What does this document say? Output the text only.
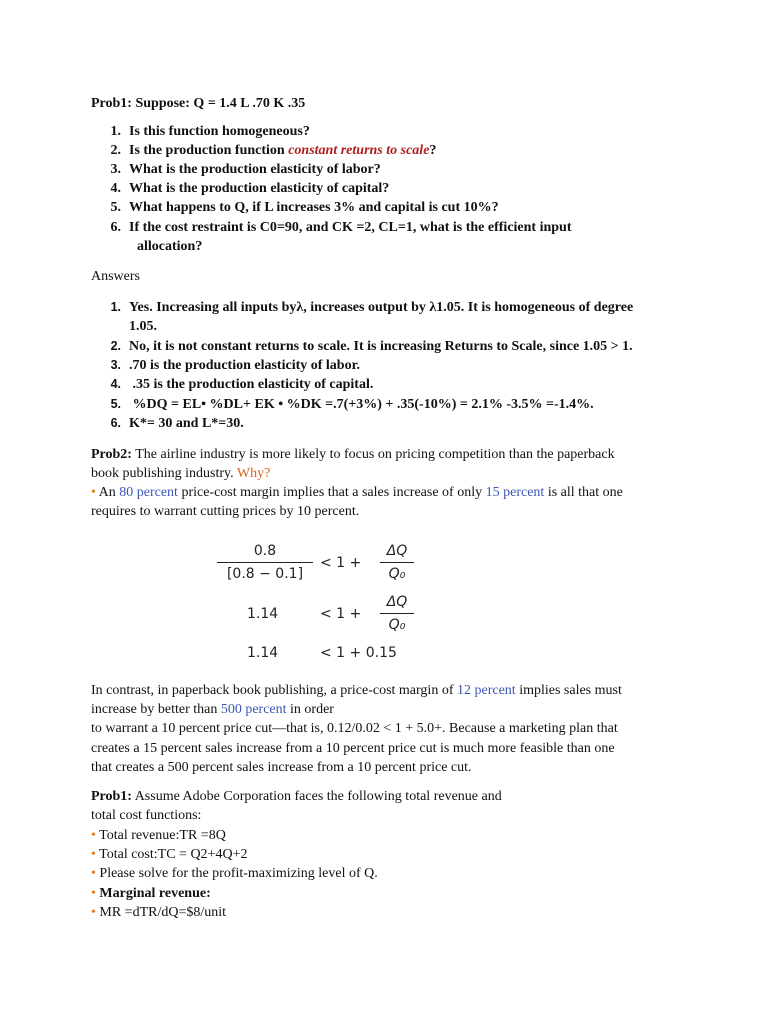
Prob1: Suppose: Q = 1.4 L .70 K .35
1. Is this function homogeneous?
2. Is the production function constant returns to scale?
3. What is the production elasticity of labor?
4. What is the production elasticity of capital?
5. What happens to Q, if L increases 3% and capital is cut 10%?
6. If the cost restraint is C0=90, and CK =2, CL=1, what is the efficient input
allocation?
Answers
1. Yes. Increasing all inputs byλ, increases output by λ1.05. It is homogeneous of degree
1.05.
2. No, it is not constant returns to scale. It is increasing Returns to Scale, since 1.05 > 1.
3. .70 is the production elasticity of labor.
4. .35 is the production elasticity of capital.
5. %DQ = EL• %DL+ EK • %DK =.7(+3%) + .35(-10%) = 2.1% -3.5% =-1.4%.
6. K*= 30 and L*=30.
Prob2: The airline industry is more likely to focus on pricing competition than the paperback
book publishing industry. Why?
• An 80 percent price-cost margin implies that a sales increase of only 15 percent is all that one
requires to warrant cutting prices by 10 percent.
0.8
[0.8 − 0.1]
< 1 +
ΔQ
Q₀
1.14	< 1 +
ΔQ
Q₀
1.14	< 1 + 0.15
In contrast, in paperback book publishing, a price-cost margin of 12 percent implies sales must
increase by better than 500 percent in order
to warrant a 10 percent price cut—that is, 0.12/0.02 < 1 + 5.0+. Because a marketing plan that
creates a 15 percent sales increase from a 10 percent price cut is much more feasible than one
that creates a 500 percent sales increase from a 10 percent price cut.
Prob1: Assume Adobe Corporation faces the following total revenue and
total cost functions:
• Total revenue:TR =8Q
• Total cost:TC = Q2+4Q+2
• Please solve for the profit-maximizing level of Q.
• Marginal revenue:
• MR =dTR/dQ=$8/unit
